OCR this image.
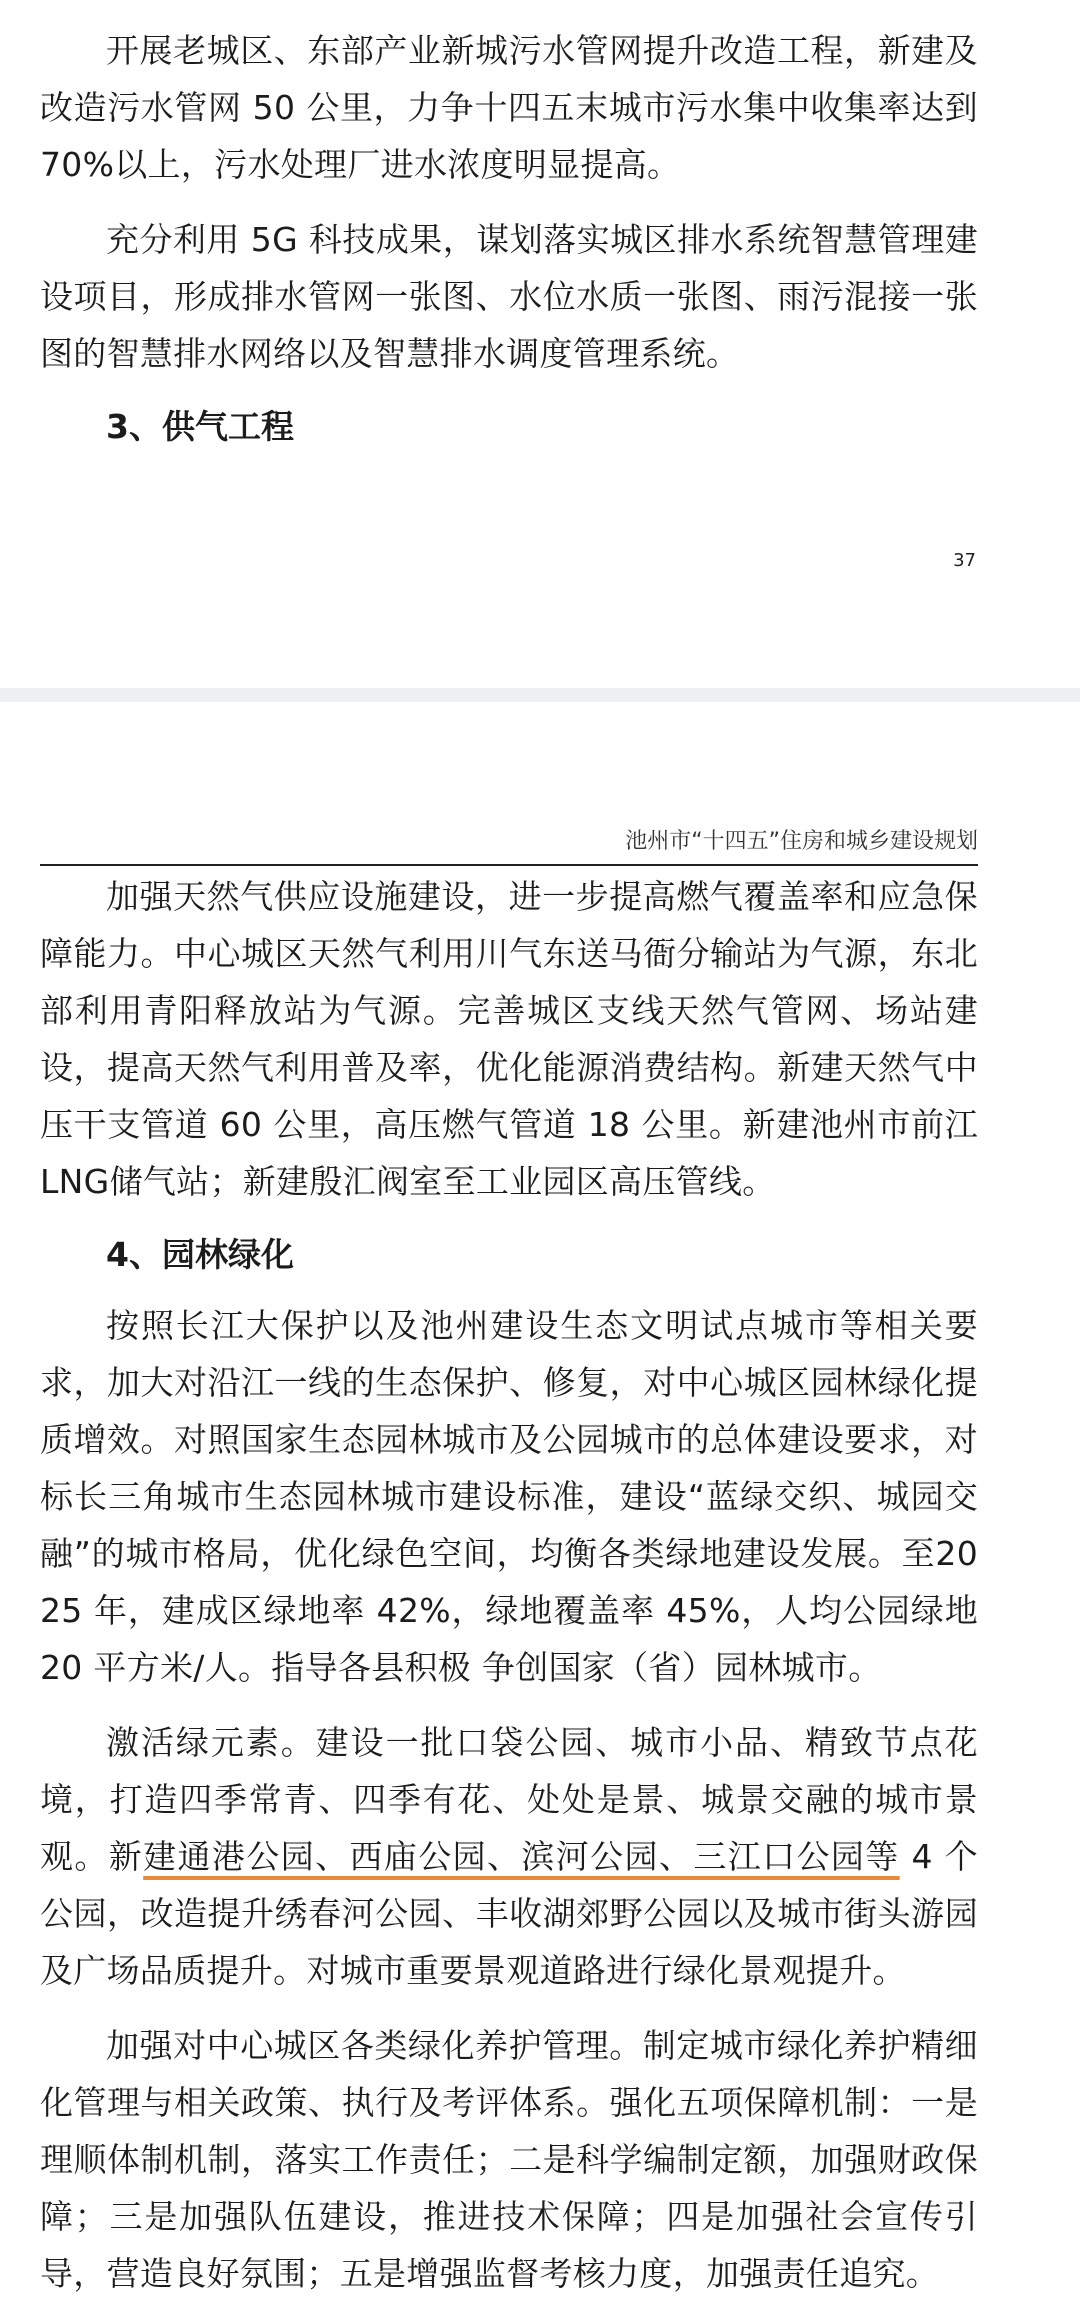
开展老城区、东部产业新城污水管网提升改造工程，新建及改造污水管网 50 公里，力争十四五末城市污水集中收集率达到70%以上，污水处理厂进水浓度明显提高。

充分利用 5G 科技成果，谋划落实城区排水系统智慧管理建设项目，形成排水管网一张图、水位水质一张图、雨污混接一张图的智慧排水网络以及智慧排水调度管理系统。

3、供气工程

37
池州市“十四五”住房和城乡建设规划

加强天然气供应设施建设，进一步提高燃气覆盖率和应急保障能力。中心城区天然气利用川气东送马衙分输站为气源，东北部利用青阳释放站为气源。完善城区支线天然气管网、场站建设，提高天然气利用普及率，优化能源消费结构。新建天然气中压干支管道 60 公里，高压燃气管道 18 公里。新建池州市前江 LNG储气站；新建殷汇阀室至工业园区高压管线。

4、园林绿化

按照长江大保护以及池州建设生态文明试点城市等相关要求，加大对沿江一线的生态保护、修复，对中心城区园林绿化提质增效。对照国家生态园林城市及公园城市的总体建设要求，对标长三角城市生态园林城市建设标准，建设“蓝绿交织、城园交融”的城市格局，优化绿色空间，均衡各类绿地建设发展。至2025 年，建成区绿地率 42%，绿地覆盖率 45%，人均公园绿地 20 平方米/人。指导各县积极 争创国家（省）园林城市。

激活绿元素。建设一批口袋公园、城市小品、精致节点花境，打造四季常青、四季有花、处处是景、城景交融的城市景观。新建通港公园、西庙公园、滨河公园、三江口公园等 4 个公园，改造提升绣春河公园、丰收湖郊野公园以及城市街头游园及广场品质提升。对城市重要景观道路进行绿化景观提升。

加强对中心城区各类绿化养护管理。制定城市绿化养护精细化管理与相关政策、执行及考评体系。强化五项保障机制：一是理顺体制机制，落实工作责任；二是科学编制定额，加强财政保障；三是加强队伍建设，推进技术保障；四是加强社会宣传引导，营造良好氛围；五是增强监督考核力度，加强责任追究。
